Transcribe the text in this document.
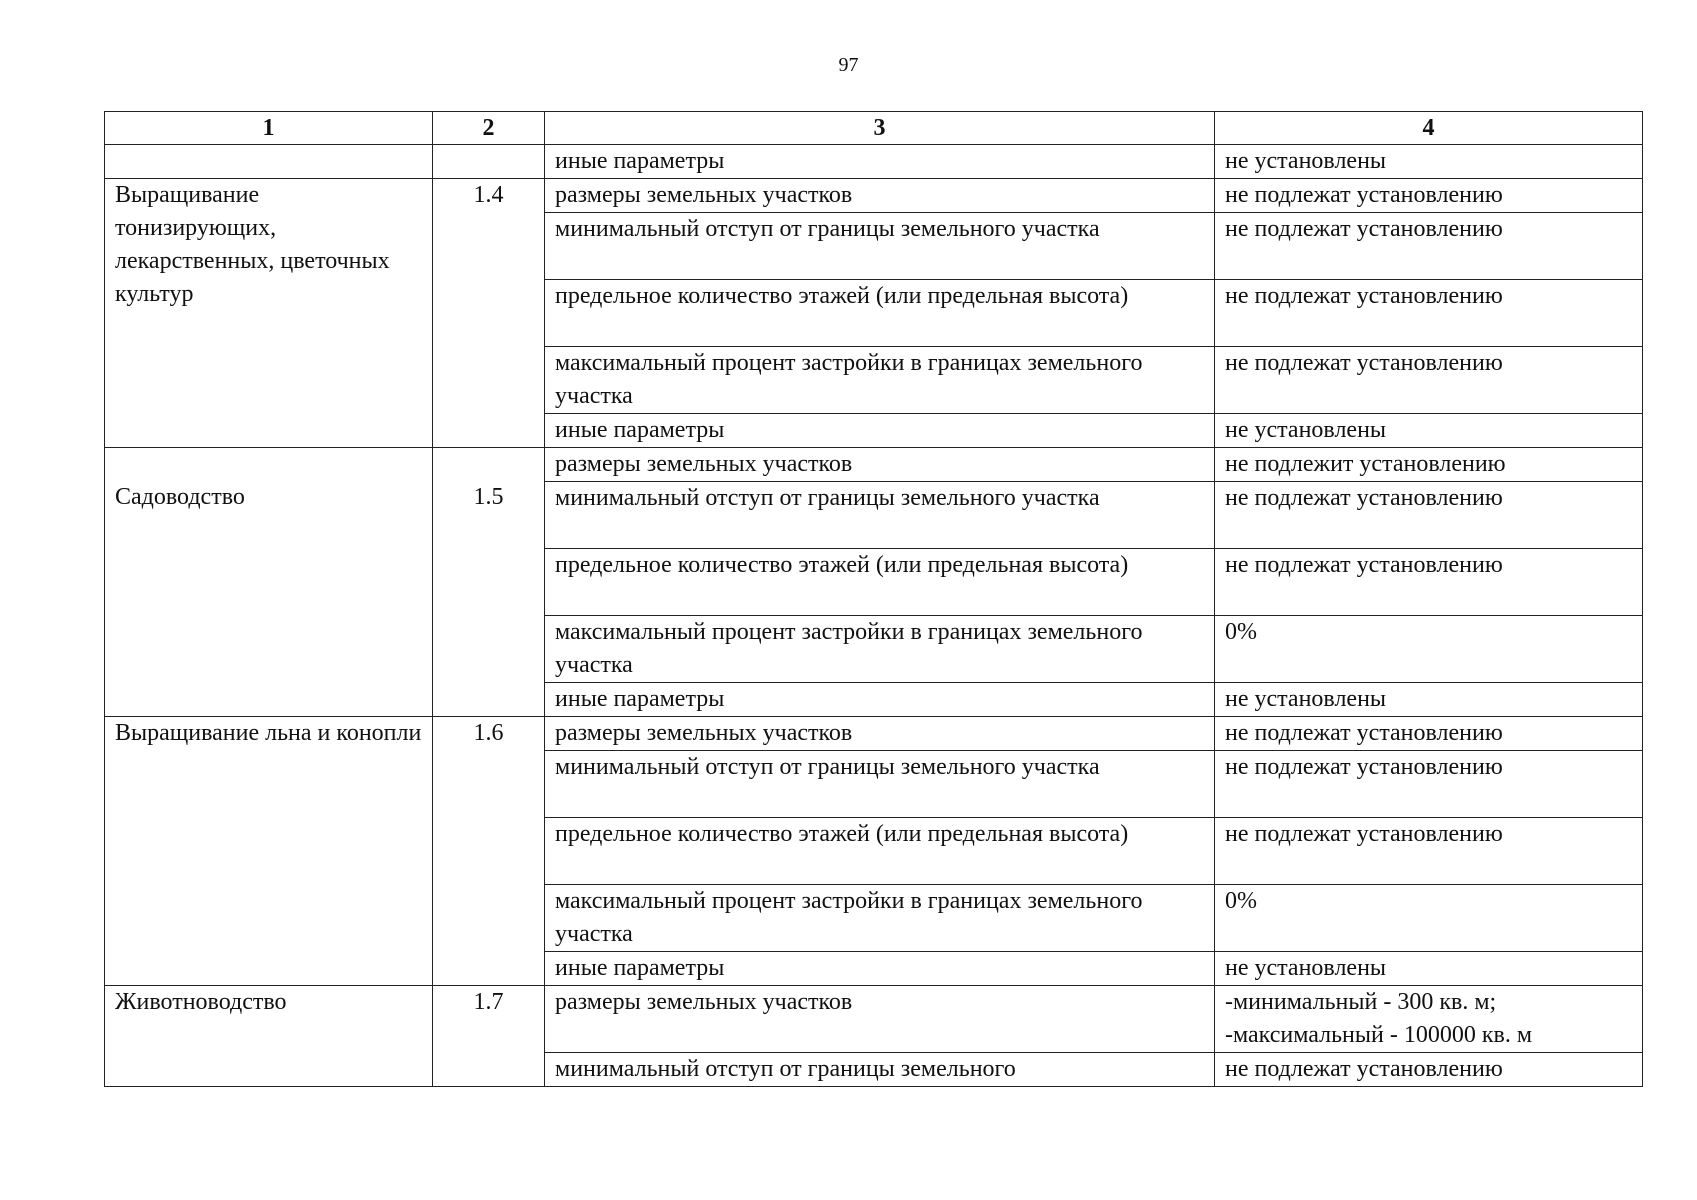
97
1	2	3	4
		иные параметры	не установлены
Выращивание тонизирующих, лекарственных, цветочных культур	1.4	размеры земельных участков	не подлежат установлению
		минимальный отступ от границы земельного участка	не подлежат установлению
		предельное количество этажей (или предельная высота)	не подлежат установлению
		максимальный процент застройки в границах земельного участка	не подлежат установлению
		иные параметры	не установлены
Садоводство	1.5	размеры земельных участков	не подлежит установлению
		минимальный отступ от границы земельного участка	не подлежат установлению
		предельное количество этажей (или предельная высота)	не подлежат установлению
		максимальный процент застройки в границах земельного участка	0%
		иные параметры	не установлены
Выращивание льна и конопли	1.6	размеры земельных участков	не подлежат установлению
		минимальный отступ от границы земельного участка	не подлежат установлению
		предельное количество этажей (или предельная высота)	не подлежат установлению
		максимальный процент застройки в границах земельного участка	0%
		иные параметры	не установлены
Животноводство	1.7	размеры земельных участков	-минимальный - 300 кв. м;
-максимальный - 100000 кв. м

		минимальный отступ от границы земельного	не подлежат установлению
